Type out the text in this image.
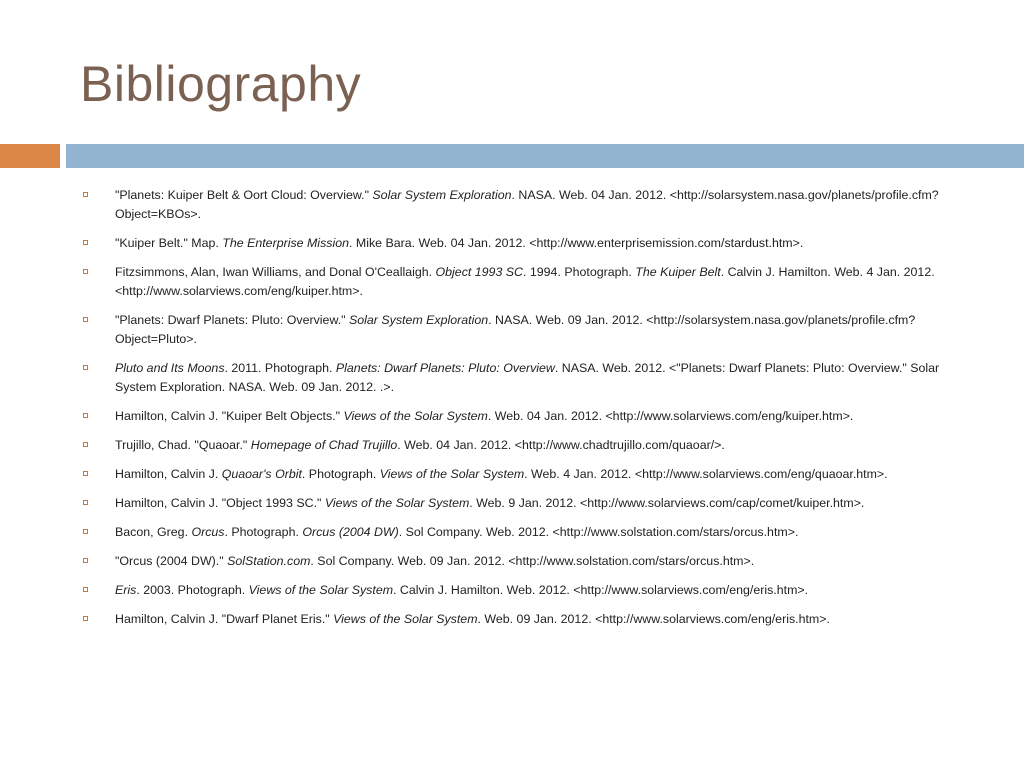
Bibliography
"Planets: Kuiper Belt & Oort Cloud: Overview." Solar System Exploration. NASA. Web. 04 Jan. 2012. <http://solarsystem.nasa.gov/planets/profile.cfm?Object=KBOs>.
"Kuiper Belt." Map. The Enterprise Mission. Mike Bara. Web. 04 Jan. 2012. <http://www.enterprisemission.com/stardust.htm>.
Fitzsimmons, Alan, Iwan Williams, and Donal O'Ceallaigh. Object 1993 SC. 1994. Photograph. The Kuiper Belt. Calvin J. Hamilton. Web. 4 Jan. 2012. <http://www.solarviews.com/eng/kuiper.htm>.
"Planets: Dwarf Planets: Pluto: Overview." Solar System Exploration. NASA. Web. 09 Jan. 2012. <http://solarsystem.nasa.gov/planets/profile.cfm?Object=Pluto>.
Pluto and Its Moons. 2011. Photograph. Planets: Dwarf Planets: Pluto: Overview. NASA. Web. 2012. <"Planets: Dwarf Planets: Pluto: Overview." Solar System Exploration. NASA. Web. 09 Jan. 2012. .>.
Hamilton, Calvin J. "Kuiper Belt Objects." Views of the Solar System. Web. 04 Jan. 2012. <http://www.solarviews.com/eng/kuiper.htm>.
Trujillo, Chad. "Quaoar." Homepage of Chad Trujillo. Web. 04 Jan. 2012. <http://www.chadtrujillo.com/quaoar/>.
Hamilton, Calvin J. Quaoar's Orbit. Photograph. Views of the Solar System. Web. 4 Jan. 2012. <http://www.solarviews.com/eng/quaoar.htm>.
Hamilton, Calvin J. "Object 1993 SC." Views of the Solar System. Web. 9 Jan. 2012. <http://www.solarviews.com/cap/comet/kuiper.htm>.
Bacon, Greg. Orcus. Photograph. Orcus (2004 DW). Sol Company. Web. 2012. <http://www.solstation.com/stars/orcus.htm>.
"Orcus (2004 DW)." SolStation.com. Sol Company. Web. 09 Jan. 2012. <http://www.solstation.com/stars/orcus.htm>.
Eris. 2003. Photograph. Views of the Solar System. Calvin J. Hamilton. Web. 2012. <http://www.solarviews.com/eng/eris.htm>.
Hamilton, Calvin J. "Dwarf Planet Eris." Views of the Solar System. Web. 09 Jan. 2012. <http://www.solarviews.com/eng/eris.htm>.
